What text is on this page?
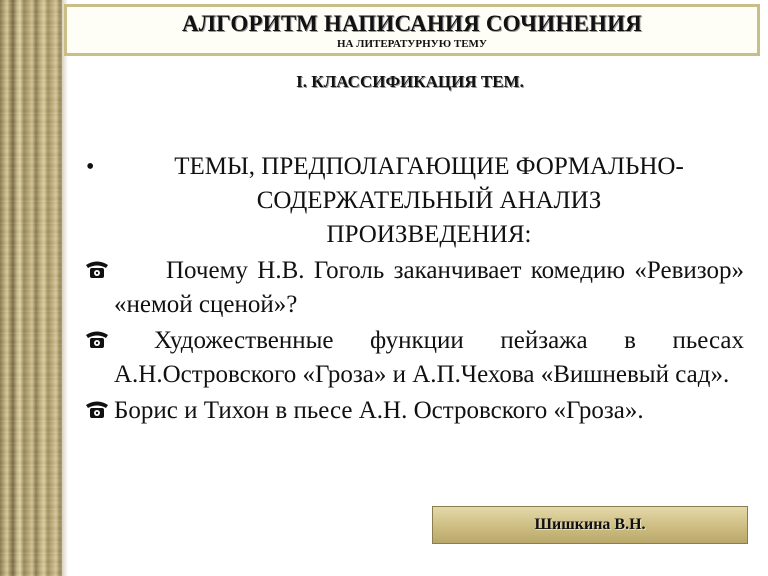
АЛГОРИТМ НАПИСАНИЯ СОЧИНЕНИЯ
НА ЛИТЕРАТУРНУЮ ТЕМУ
I. КЛАССИФИКАЦИЯ ТЕМ.
•	ТЕМЫ, ПРЕДПОЛАГАЮЩИЕ ФОРМАЛЬНО-
СОДЕРЖАТЕЛЬНЫЙ АНАЛИЗ
ПРОИЗВЕДЕНИЯ:
Почему Н.В. Гоголь заканчивает комедию «Ревизор» «немой сценой»?
Художественные функции пейзажа в пьесах А.Н.Островского «Гроза» и А.П.Чехова «Вишневый сад».
Борис и Тихон в пьесе А.Н. Островского «Гроза».
Шишкина В.Н.
